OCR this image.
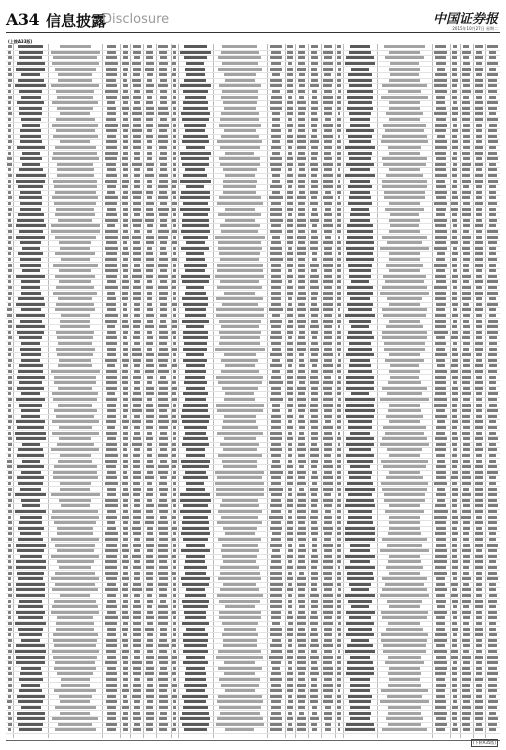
A34 信息披露
Disclosure	中国证券报
2015年10月27日 星期二
(上接A33版)
(下转A35版)
